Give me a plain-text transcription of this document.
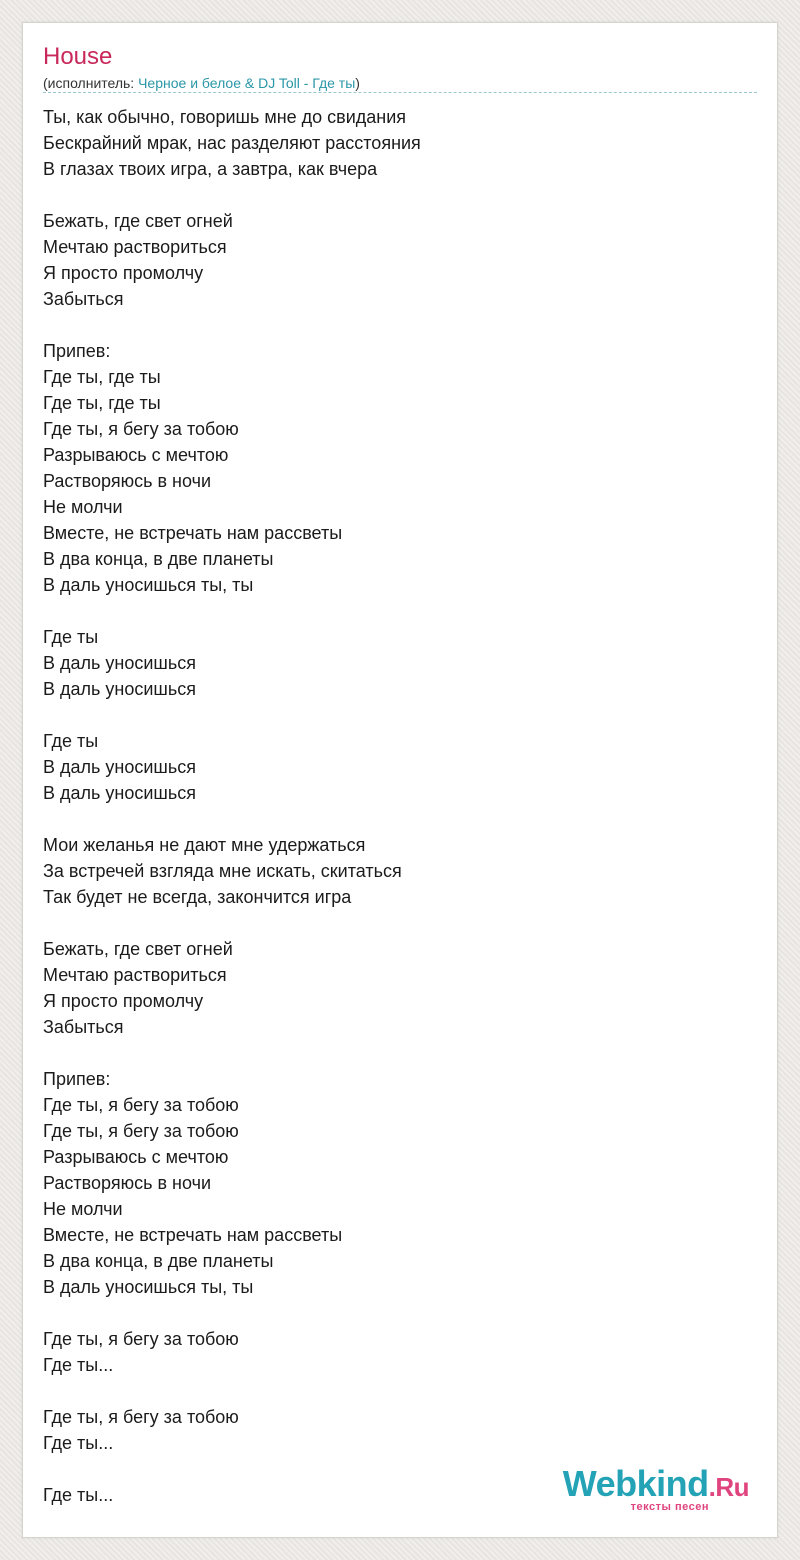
House
(исполнитель: Черное и белое & DJ Toll - Где ты)
Ты, как обычно, говоришь мне до свидания
Бескрайний мрак, нас разделяют расстояния
В глазах твоих игра, а завтра, как вчера
Бежать, где свет огней
Мечтаю раствориться
Я просто промолчу
Забыться
Припев:
Где ты, где ты
Где ты, где ты
Где ты, я бегу за тобою
Разрываюсь с мечтою
Растворяюсь в ночи
Не молчи
Вместе, не встречать нам рассветы
В два конца, в две планеты
В даль уносишься ты, ты
Где ты
В даль уносишься
В даль уносишься
Где ты
В даль уносишься
В даль уносишься
Мои желанья не дают мне удержаться
За встречей взгляда мне искать, скитаться
Так будет не всегда, закончится игра
Бежать, где свет огней
Мечтаю раствориться
Я просто промолчу
Забыться
Припев:
Где ты, я бегу за тобою
Где ты, я бегу за тобою
Разрываюсь с мечтою
Растворяюсь в ночи
Не молчи
Вместе, не встречать нам рассветы
В два конца, в две планеты
В даль уносишься ты, ты
Где ты, я бегу за тобою
Где ты...
Где ты, я бегу за тобою
Где ты...
Где ты...	Webkind.Ru
тексты песен
